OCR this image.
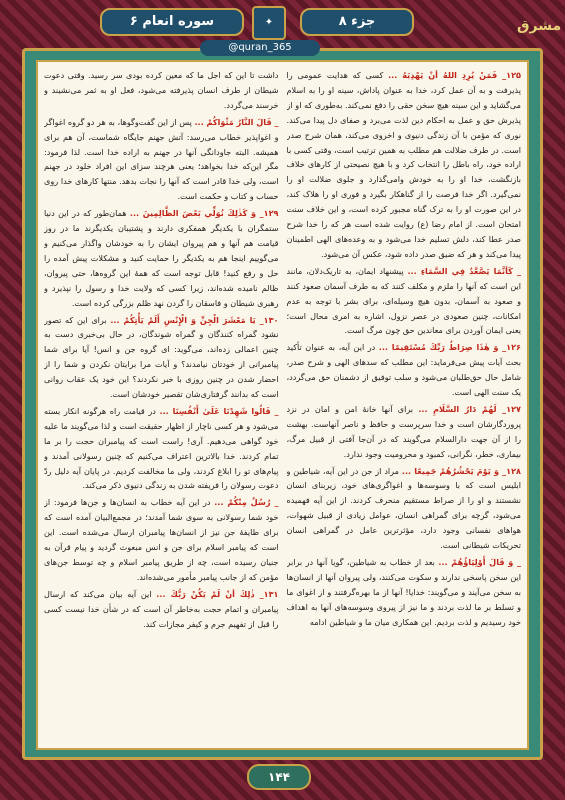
سوره انعام ۶	✦	جزء ۸
@quran_365
مشرق

۱۲۵_ فَمَنْ یُرِدِ اللهُ أنْ یَهْدِیَهُ ... کسی که هدایت عمومی را پذیرفت و به آن عمل کرد، خدا به عنوان پاداش، سینه او را به اسلام می‌گشاید و این سینه هیچ سخن حقی را دفع نمی‌کند. به‌طوری که او از پذیرش حق و عمل به احکام دین لذت می‌برد و صفای دل پیدا می‌کند. نوری که مؤمن با آن زندگی دنیوی و اخروی می‌کند، همان شرح صدر است. در طرف ضلالت هم مطلب به همین ترتیب است، وقتی کسی با اراده خود، راه باطل را انتخاب کرد و با هیچ نصیحتی از کارهای خلاف بازنگشت، خدا او را به خودش وامی‌گذارد و جلوی ضلالت او را نمی‌گیرد. اگر خدا فرصت را از گناهکار بگیرد و فوری او را هلاک کند، در این صورت او را به ترک گناه مجبور کرده است، و این خلاف سنت امتحان است. از امام رضا (ع) روایت شده است هر که را خدا شرح صدر عطا کند، دلش تسلیم خدا می‌شود و به وعده‌های الهی اطمینان پیدا می‌کند و هر که ضیق صدر داده شود، عکس آن می‌شود.

_ کَأنَّمَا یَصَّعَّدُ فِي السَّمَاءِ ... پیشنهاد ایمان، به تاریک‌دلان، مانند این است که آنها را ملزم و مکلف کنند که به طرف آسمان صعود کنند و صعود به آسمان، بدون هیچ وسیله‌ای، برای بشر با توجه به عدم امکانات، چنین صعودی در عصر نزول، اشاره به امری محال است؛ یعنی ایمان آوردن برای معاندین حق چون مرگ است.

۱۲۶_ وَ هٰذَا صِرَاطُ رَبِّكَ مُسْتَقِیمًا ... در این آیه، به عنوان تأکید بحث آیات پیش می‌فرماید: این مطلب که سدهای الهی و شرح صدر، شامل حال حق‌طلبان می‌شود و سلب توفیق از دشمنان حق می‌گردد، یک سنت الهی است.

۱۲۷_ لَهُمْ دَارُ السَّلَامِ ... برای آنها خانهٔ امن و امان در نزد پروردگارشان است و خدا سرپرست و حافظ و ناصر آنهاست. بهشت را از آن جهت دارالسلام می‌گویند که در آن‌جا آفتی از قبیل مرگ، بیماری، خطر، نگرانی، کمبود و محرومیت وجود ندارد.

۱۲۸_ وَ یَوْمَ یَحْشُرُهُمْ جَمِیعًا ... مراد از جن در این آیه، شیاطین و ابلیس است که با وسوسه‌ها و اغواگری‌های خود، زیربنای انسان نشستند و او را از صراط مستقیم منحرف کردند. از این آیه فهمیده می‌شود، گرچه برای گمراهی انسان، عوامل زیادی از قبیل شهوات، هواهای نفسانی وجود دارد، مؤثرترین عامل در گمراهی انسان تحریکات شیطانی است.

_ وَ قَالَ أَوْلِیَاؤُهُمْ ... بعد از خطاب به شیاطین، گویا آنها در برابر این سخن پاسخی ندارند و سکوت می‌کنند، ولی پیروان آنها از انسان‌ها به سخن می‌آیند و می‌گویند: خدایا! آنها از ما بهره‌گرفتند و از اغوای ما و تسلط بر ما لذت بردند و ما نیز از پیروی وسوسه‌های آنها به اهداف خود رسیدیم و لذت بردیم. این همکاری میان ما و شیاطین ادامه

داشت تا این که اجل ما که معین کرده بودی سر رسید. وقتی دعوت شیطان از طرف انسان پذیرفته می‌شود، فعل او به ثمر می‌نشیند و خرسند می‌گردد.

_ قَالَ النَّارُ مَثْوَاكُمْ ... پس از این گفت‌وگوها، به هر دو گروه اغواگر و اغواپذیر خطاب می‌رسد: آتش جهنم جایگاه شماست، آن هم برای همیشه. البته جاودانگی آنها در جهنم به اراده خدا است. لذا فرمود: مگر این‌که خدا بخواهد؛ یعنی هرچند سزای این افراد خلود در جهنم است، ولی خدا قادر است که آنها را نجات بدهد. منتها کارهای خدا روی حساب و کتاب و حکمت است.

۱۲۹_ وَ كَذٰلِكَ نُوَلِّي بَعْضَ الظَّالِمِینَ ... همان‌طور که در این دنیا ستمگران با یکدیگر همفکری دارند و پشتیبان یکدیگرند ما در روز قیامت هم آنها و هم پیروان ایشان را به خودشان واگذار می‌کنیم و می‌گوییم اینجا هم به یکدیگر را حمایت کنید و مشکلات پیش آمده را حل و رفع کنید! قابل توجه است که همهٔ این گروه‌ها، حتی پیروان، ظالم نامیده شده‌اند، زیرا کسی که ولایت خدا و رسول را نپذیرد و رهبری شیطان و فاسقان را گردن نهد ظلم بزرگی کرده است.

۱۳۰_ یَا مَعْشَرَ الْجِنِّ وَ الْإِنْسِ أَلَمْ یَأْتِكُمْ ... برای این که تصور نشود گمراه کنندگان و گمراه شوندگان، در حال بی‌خبری دست به چنین اعمالی زده‌اند، می‌گوید: ای گروه جن و انس! آیا برای شما پیامبرانی از خودتان نیامدند؟ و آیات مرا برایتان نکردن و شما را از احضار شدن در چنین روزی با خبر نکردند؟ این خود یک عقاب روانی است که بدانند گرفتاری‌شان تقصیر خودشان است.

_ قَالُوا شَهِدْنَا عَلَىٰ أَنْفُسِنَا ... در قیامت راه هرگونه انکار بسته می‌شود و هر کسی ناچار از اظهار حقیقت است و لذا می‌گویند ما علیه خود گواهی می‌دهیم. آری! راست است که پیامبران حجت را بر ما تمام کردند. خدا بالاترین اعتراف می‌کنیم که چنین رسولانی آمدند و پیام‌های تو را ابلاغ کردند، ولی ما مخالفت کردیم. در پایان آیه دلیل ردّ دعوت رسولان را فریفته شدن به زندگی دنیوی ذکر می‌کند.

_ رُسُلٌ مِنْكُمْ ... در این آیه خطاب به انسان‌ها و جن‌ها فرمود: از خود شما رسولانی به سوی شما آمدند؛ در مجمع‌البیان آمده است که برای طایفهٔ جن نیز از انسان‌ها پیامبران ارسال می‌شده است. این است که پیامبر اسلام برای جن و انس مبعوث گردید و پیام قرآن به جنیان رسیده است، چه از طریق پیامبر اسلام و چه توسط جن‌های مؤمن که از جانب پیامبر مأمور می‌شده‌اند.

۱۳۱_ ذٰلِكَ أنْ لَمْ یَكُنْ رَبُّكَ ... این آیه بیان می‌کند که ارسال پیامبران و اتمام حجت به‌خاطر آن است که در شأن خدا نیست کسی را قبل از تفهیم جرم و کیفر مجازات کند.

۱۴۴
